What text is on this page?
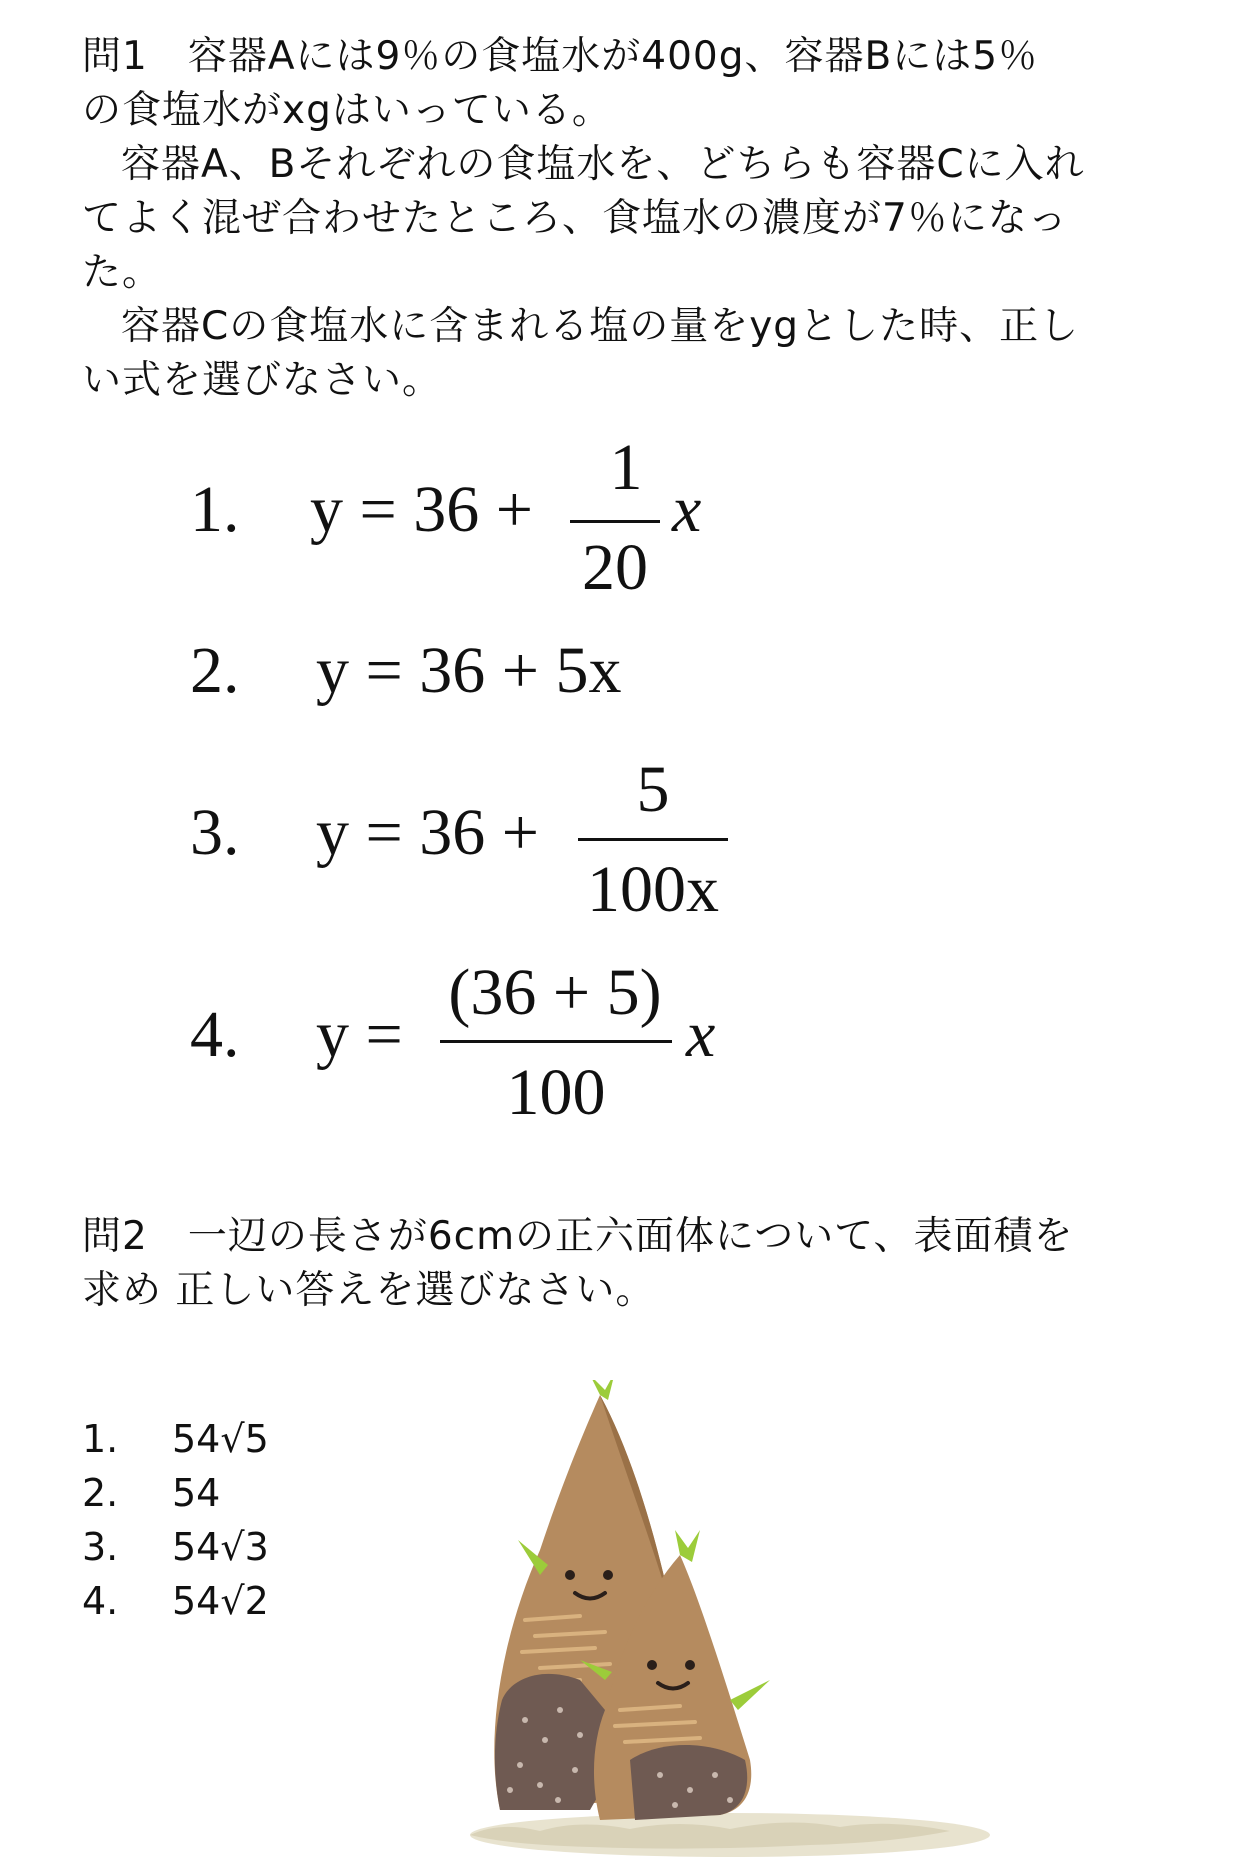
問1　容器Aには9％の食塩水が400g、容器Bには5％

の食塩水がxgはいっている。

容器A、Bそれぞれの食塩水を、どちらも容器Cに入れ

てよく混ぜ合わせたところ、食塩水の濃度が7％になっ

た。

容器Cの食塩水に含まれる塩の量をygとした時、正し

い式を選びなさい。

1. y = 36 +
1
20
x
2. y = 36 + 5x
3. y = 36 +
5
100x
4. y =
(36 + 5)
100
x

問2　一辺の長さが6cmの正六面体について、表面積を

求め 正しい答えを選びなさい。

1.	54√5
2.	54
3.	54√3
4.	54√2
